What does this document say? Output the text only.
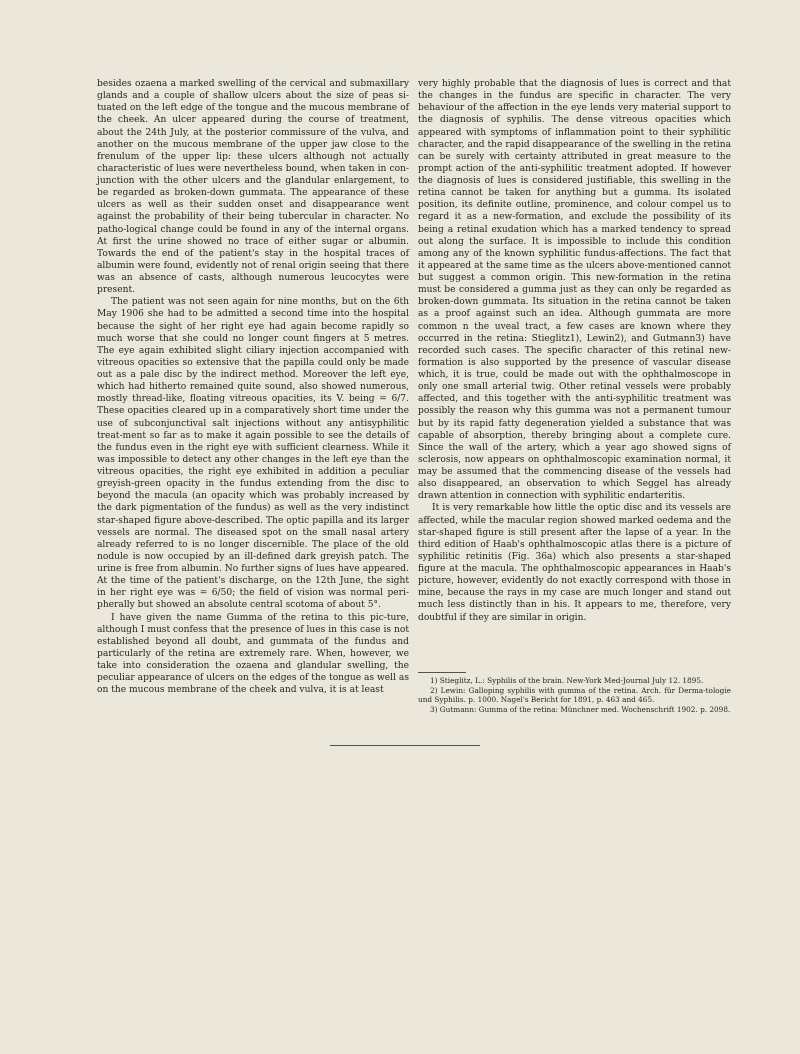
besides ozaena a marked swelling of the cervical and submaxillary glands and a couple of shallow ulcers about the size of peas si-tuated on the left edge of the tongue and the mucous membrane of the cheek. An ulcer appeared during the course of treatment, about the 24th July, at the posterior commissure of the vulva, and another on the mucous membrane of the upper jaw close to the frenulum of the upper lip: these ulcers although not actually characteristic of lues were nevertheless bound, when taken in con-junction with the other ulcers and the glandular enlargement, to be regarded as broken-down gummata. The appearance of these ulcers as well as their sudden onset and disappearance went against the probability of their being tubercular in character. No patho-logical change could be found in any of the internal organs. At first the urine showed no trace of either sugar or albumin. Towards the end of the patient's stay in the hospital traces of albumin were found, evidently not of renal origin seeing that there was an absence of casts, although numerous leucocytes were present.

The patient was not seen again for nine months, but on the 6th May 1906 she had to be admitted a second time into the hospital because the sight of her right eye had again become rapidly so much worse that she could no longer count fingers at 5 metres. The eye again exhibited slight ciliary injection accompanied with vitreous opacities so extensive that the papilla could only be made out as a pale disc by the indirect method. Moreover the left eye, which had hitherto remained quite sound, also showed numerous, mostly thread-like, floating vitreous opacities, its V. being = 6/7. These opacities cleared up in a comparatively short time under the use of subconjunctival salt injections without any antisyphilitic treat-ment so far as to make it again possible to see the details of the fundus even in the right eye with sufficient clearness. While it was impossible to detect any other changes in the left eye than the vitreous opacities, the right eye exhibited in addition a peculiar greyish-green opacity in the fundus extending from the disc to beyond the macula (an opacity which was probably increased by the dark pigmentation of the fundus) as well as the very indistinct star-shaped figure above-described. The optic papilla and its larger vessels are normal. The diseased spot on the small nasal artery already referred to is no longer discernible. The place of the old nodule is now occupied by an ill-defined dark greyish patch. The urine is free from albumin. No further signs of lues have appeared. At the time of the patient's discharge, on the 12th June, the sight in her right eye was = 6/50; the field of vision was normal peri-pherally but showed an absolute central scotoma of about 5°.

I have given the name Gumma of the retina to this pic-ture, although I must confess that the presence of lues in this case is not established beyond all doubt, and gummata of the fundus and particularly of the retina are extremely rare. When, however, we take into consideration the ozaena and glandular swelling, the peculiar appearance of ulcers on the edges of the tongue as well as on the mucous membrane of the cheek and vulva, it is at least

very highly probable that the diagnosis of lues is correct and that the changes in the fundus are specific in character. The very behaviour of the affection in the eye lends very material support to the diagnosis of syphilis. The dense vitreous opacities which appeared with symptoms of inflammation point to their syphilitic character, and the rapid disappearance of the swelling in the retina can be surely with certainty attributed in great measure to the prompt action of the anti-syphilitic treatment adopted. If however the diagnosis of lues is considered justifiable, this swelling in the retina cannot be taken for anything but a gumma. Its isolated position, its definite outline, prominence, and colour compel us to regard it as a new-formation, and exclude the possibility of its being a retinal exudation which has a marked tendency to spread out along the surface. It is impossible to include this condition among any of the known syphilitic fundus-affections. The fact that it appeared at the same time as the ulcers above-mentioned cannot but suggest a common origin. This new-formation in the retina must be considered a gumma just as they can only be regarded as broken-down gummata. Its situation in the retina cannot be taken as a proof against such an idea. Although gummata are more common n the uveal tract, a few cases are known where they occurred in the retina: Stieglitz1), Lewin2), and Gutmann3) have recorded such cases. The specific character of this retinal new-formation is also supported by the presence of vascular disease which, it is true, could be made out with the ophthalmoscope in only one small arterial twig. Other retinal vessels were probably affected, and this together with the anti-syphilitic treatment was possibly the reason why this gumma was not a permanent tumour but by its rapid fatty degeneration yielded a substance that was capable of absorption, thereby bringing about a complete cure. Since the wall of the artery, which a year ago showed signs of sclerosis, now appears on ophthalmoscopic examination normal, it may be assumed that the commencing disease of the vessels had also disappeared, an observation to which Seggel has already drawn attention in connection with syphilitic endarteritis.

It is very remarkable how little the optic disc and its vessels are affected, while the macular region showed marked oedema and the star-shaped figure is still present after the lapse of a year. In the third edition of Haab's ophthalmoscopic atlas there is a picture of syphilitic retinitis (Fig. 36a) which also presents a star-shaped figure at the macula. The ophthalmoscopic appearances in Haab's picture, however, evidently do not exactly correspond with those in mine, because the rays in my case are much longer and stand out much less distinctly than in his. It appears to me, therefore, very doubtful if they are similar in origin.

1) Stieglitz, L.: Syphilis of the brain. New-York Med-Journal July 12. 1895.

2) Lewin: Galloping syphilis with gumma of the retina. Arch. für Derma-tologie und Syphilis. p. 1000. Nagel's Bericht for 1891, p. 463 and 465.

3) Gutmann: Gumma of the retina: Münchner med. Wochenschrift 1902. p. 2098.
